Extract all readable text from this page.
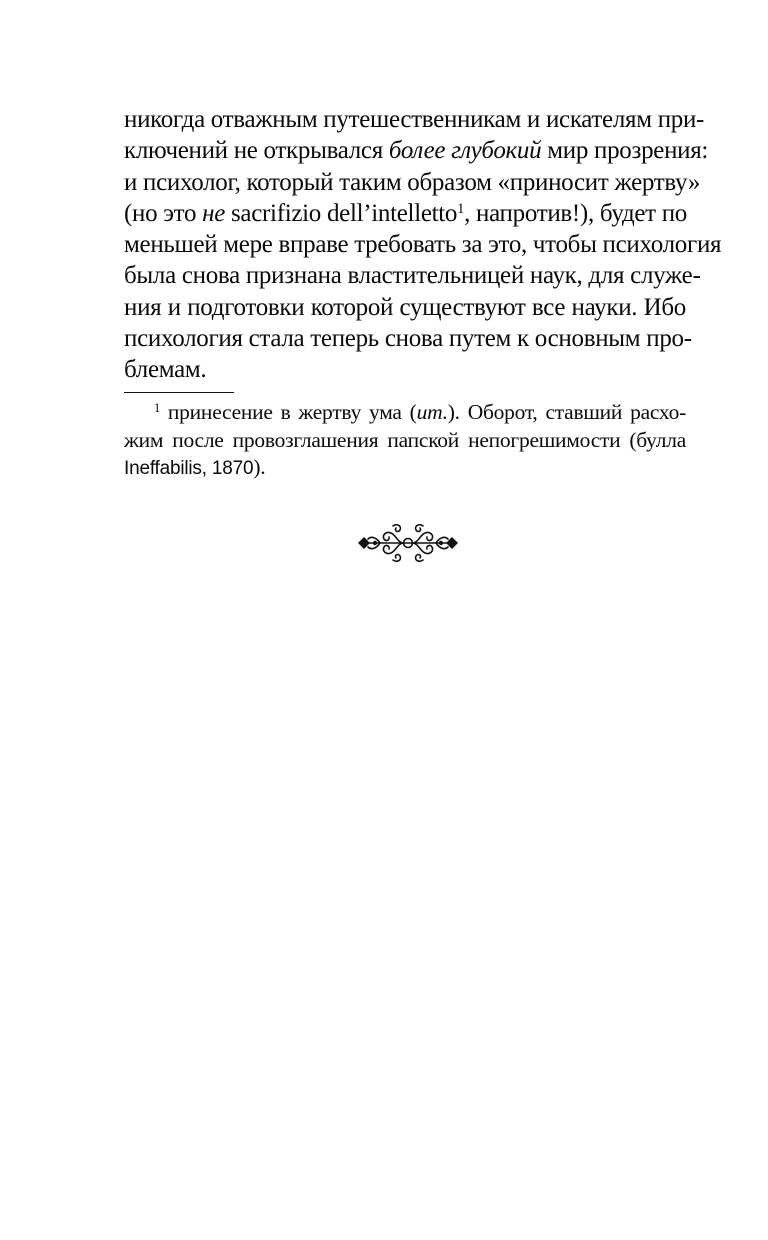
никогда отважным путешественникам и искателям при-
ключений не открывался более глубокий мир прозрения:
и психолог, который таким образом «приносит жертву»
(но это не sacrifizio dell’intelletto$^1$, напротив!), будет по
меньшей мере вправе требовать за это, чтобы психология
была снова признана властительницей наук, для служе-
ния и подготовки которой существуют все науки. Ибо
психология стала теперь снова путем к основным про-
блемам.
$^1$ принесение в жертву ума (ит.). Оборот, ставший расхо-
жим после провозглашения папской непогрешимости (булла
Ineffabilis, 1870).
